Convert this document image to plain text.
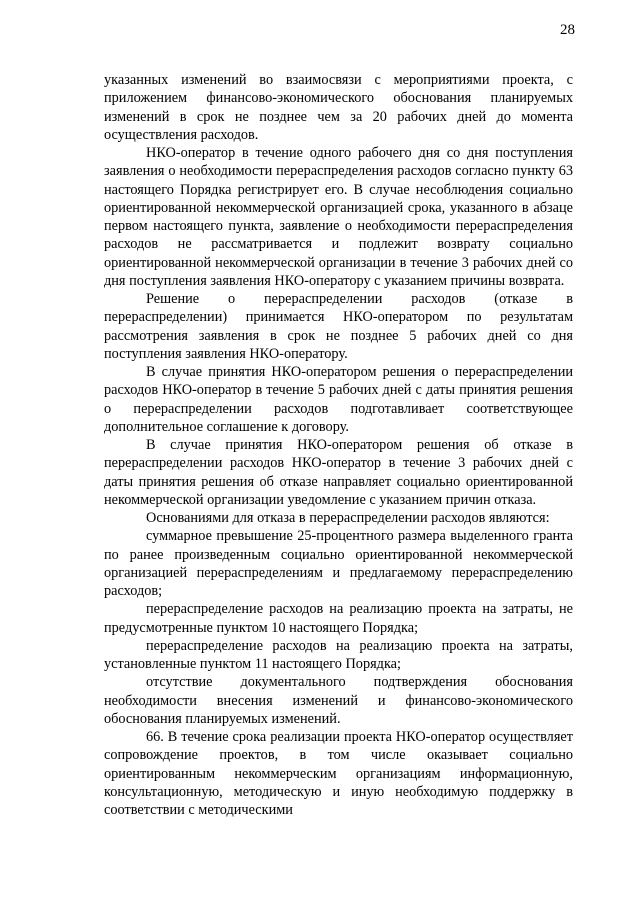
28

указанных изменений во взаимосвязи с мероприятиями проекта, с приложением финансово-экономического обоснования планируемых изменений в срок не позднее чем за 20 рабочих дней до момента осуществления расходов.

НКО-оператор в течение одного рабочего дня со дня поступления заявления о необходимости перераспределения расходов согласно пункту 63 настоящего Порядка регистрирует его. В случае несоблюдения социально ориентированной некоммерческой организацией срока, указанного в абзаце первом настоящего пункта, заявление о необходимости перераспределения расходов не рассматривается и подлежит возврату социально ориентированной некоммерческой организации в течение 3 рабочих дней со дня поступления заявления НКО-оператору с указанием причины возврата.

Решение о перераспределении расходов (отказе в перераспределении) принимается НКО-оператором по результатам рассмотрения заявления в срок не позднее 5 рабочих дней со дня поступления заявления НКО-оператору.

В случае принятия НКО-оператором решения о перераспределении расходов НКО-оператор в течение 5 рабочих дней с даты принятия решения о перераспределении расходов подготавливает соответствующее дополнительное соглашение к договору.

В случае принятия НКО-оператором решения об отказе в перераспределении расходов НКО-оператор в течение 3 рабочих дней с даты принятия решения об отказе направляет социально ориентированной некоммерческой организации уведомление с указанием причин отказа.

Основаниями для отказа в перераспределении расходов являются:

суммарное превышение 25-процентного размера выделенного гранта по ранее произведенным социально ориентированной некоммерческой организацией перераспределениям и предлагаемому перераспределению расходов;

перераспределение расходов на реализацию проекта на затраты, не предусмотренные пунктом 10 настоящего Порядка;

перераспределение расходов на реализацию проекта на затраты, установленные пунктом 11 настоящего Порядка;

отсутствие документального подтверждения обоснования необходимости внесения изменений и финансово-экономического обоснования планируемых изменений.

66. В течение срока реализации проекта НКО-оператор осуществляет сопровождение проектов, в том числе оказывает социально ориентированным некоммерческим организациям информационную, консультационную, методическую и иную необходимую поддержку в соответствии с методическими
